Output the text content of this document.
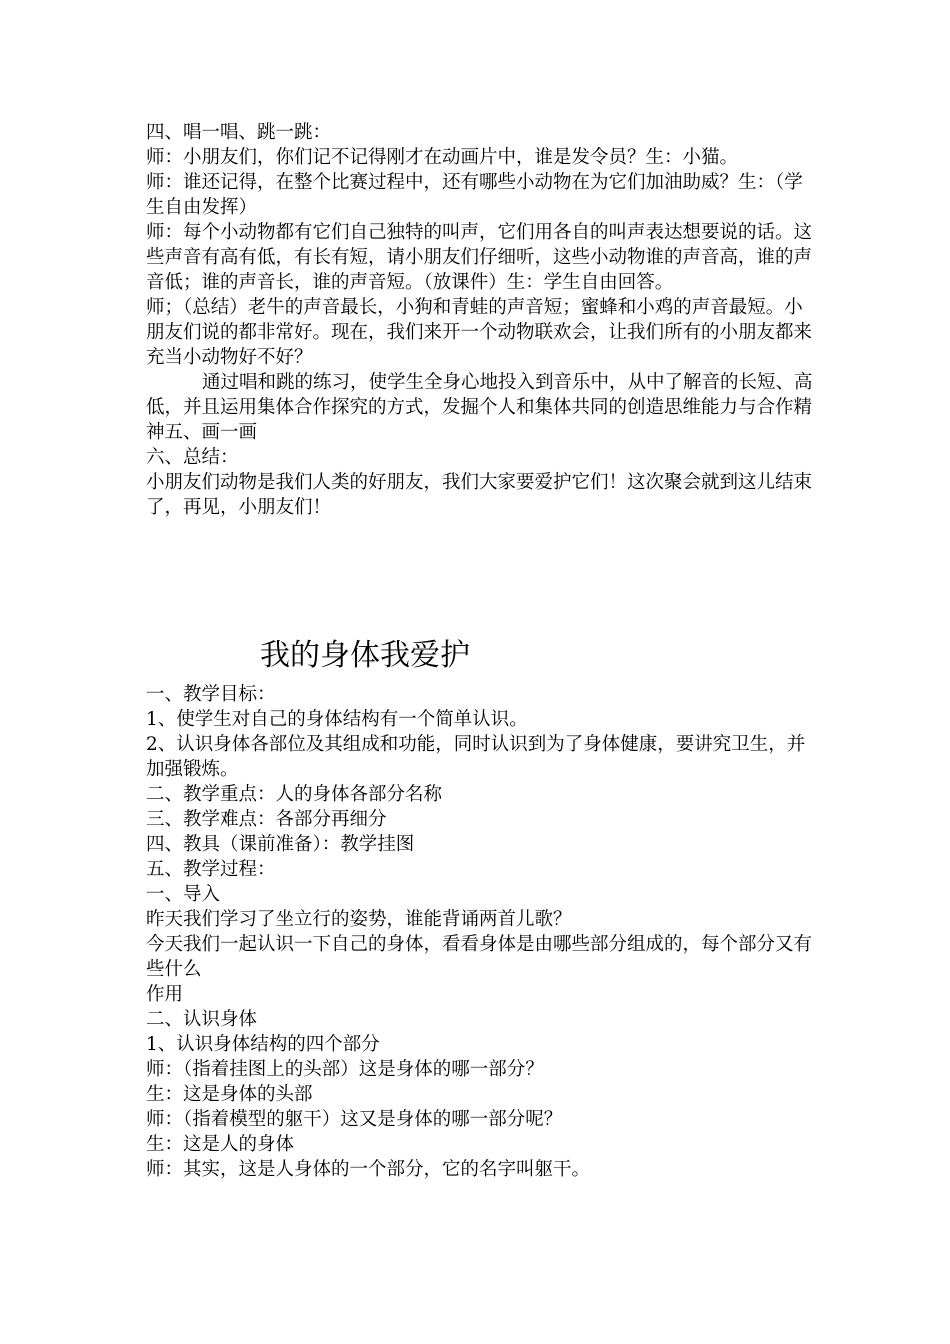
四、唱一唱、跳一跳：

师：小朋友们，你们记不记得刚才在动画片中，谁是发令员？生：小猫。

师：谁还记得，在整个比赛过程中，还有哪些小动物在为它们加油助威？生：（学生自由发挥）

师：每个小动物都有它们自己独特的叫声，它们用各自的叫声表达想要说的话。这些声音有高有低，有长有短，请小朋友们仔细听，这些小动物谁的声音高，谁的声音低；谁的声音长，谁的声音短。（放课件）生：学生自由回答。

师；（总结）老牛的声音最长，小狗和青蛙的声音短；蜜蜂和小鸡的声音最短。小朋友们说的都非常好。现在，我们来开一个动物联欢会，让我们所有的小朋友都来充当小动物好不好？

通过唱和跳的练习，使学生全身心地投入到音乐中，从中了解音的长短、高低，并且运用集体合作探究的方式，发掘个人和集体共同的创造思维能力与合作精神五、画一画

六、总结：

小朋友们动物是我们人类的好朋友，我们大家要爱护它们！这次聚会就到这儿结束了，再见，小朋友们！

我的身体我爱护

一、教学目标：

1、使学生对自己的身体结构有一个简单认识。

2、认识身体各部位及其组成和功能，同时认识到为了身体健康，要讲究卫生，并加强锻炼。

二、教学重点：人的身体各部分名称

三、教学难点：各部分再细分

四、教具（课前准备）：教学挂图

五、教学过程：

一、导入

昨天我们学习了坐立行的姿势，谁能背诵两首儿歌？

今天我们一起认识一下自己的身体，看看身体是由哪些部分组成的，每个部分又有些什么

作用

二、认识身体

1、认识身体结构的四个部分

师：（指着挂图上的头部）这是身体的哪一部分？

生：这是身体的头部

师：（指着模型的躯干）这又是身体的哪一部分呢？

生：这是人的身体

师：其实，这是人身体的一个部分，它的名字叫躯干。
